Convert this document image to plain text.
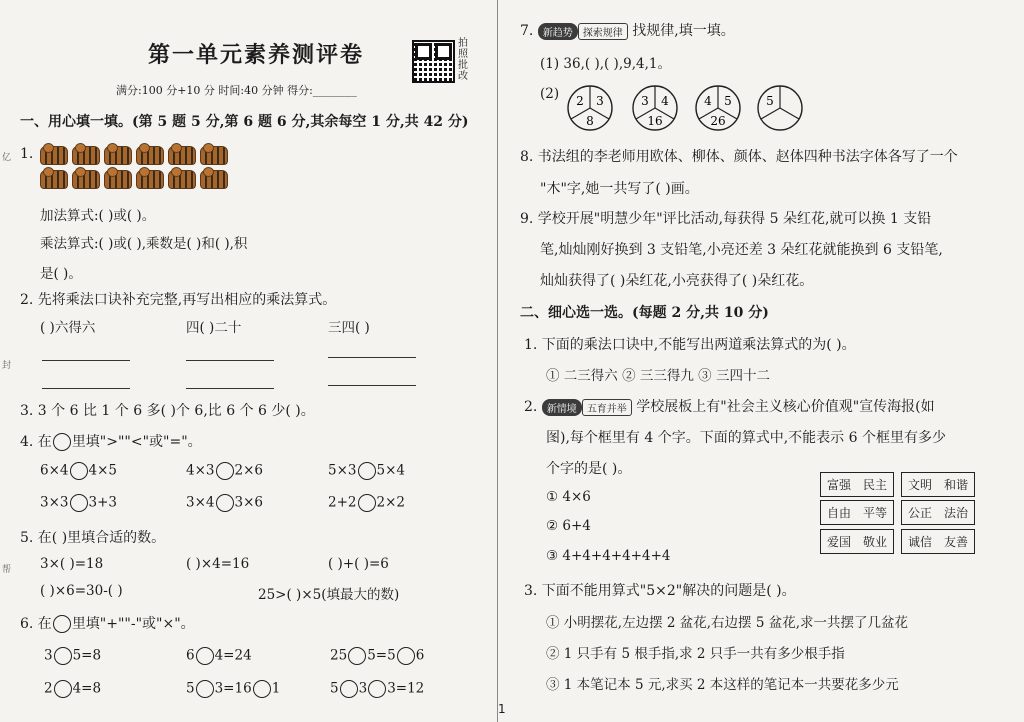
亿
封
帮
第一单元素养测评卷	拍照批改
满分:100 分+10 分 时间:40 分钟 得分:________
一、用心填一填。(第 5 题 5 分,第 6 题 6 分,其余每空 1 分,共 42 分)
1.
加法算式:( )或( )。
乘法算式:( )或( ),乘数是( )和( ),积
是( )。
2. 先将乘法口诀补充完整,再写出相应的乘法算式。
( )六得六	四( )二十	三四( )
3. 3 个 6 比 1 个 6 多( )个 6,比 6 个 6 少( )。
4. 在 里填">""<"或"="。
6×4 4×5	4×3 2×6	5×3 5×4
3×3 3+3	3×4 3×6	2+2 2×2
5. 在( )里填合适的数。
3×( )=18	( )×4=16	( )+( )=6
( )×6=30-( )	25>( )×5(填最大的数)
6. 在 里填"+""-"或"×"。
3 5=8	6 4=24	25 5=5 6
2 4=8	5 3=16 1	5 3 3=12
7. 新趋势 探索规律 找规律,填一填。
(1) 36,( ),( ),9,4,1。
(2) 2 3
8
3 4
16
4 5
26
5
8. 书法组的李老师用欧体、柳体、颜体、赵体四种书法字体各写了一个
"木"字,她一共写了( )画。
9. 学校开展"明慧少年"评比活动,每获得 5 朵红花,就可以换 1 支铅
笔,灿灿刚好换到 3 支铅笔,小亮还差 3 朵红花就能换到 6 支铅笔,
灿灿获得了( )朵红花,小亮获得了( )朵红花。
二、细心选一选。(每题 2 分,共 10 分)
1. 下面的乘法口诀中,不能写出两道乘法算式的为( )。
① 二三得六 ② 三三得九 ③ 三四十二
2. 新情境 五育并举 学校展板上有"社会主义核心价值观"宣传海报(如
图),每个框里有 4 个字。下面的算式中,不能表示 6 个框里有多少
个字的是( )。
① 4×6
② 6+4
③ 4+4+4+4+4+4
富强 民主 文明 和谐
自由 平等 公正 法治
爱国 敬业 诚信 友善
3. 下面不能用算式"5×2"解决的问题是( )。
① 小明摆花,左边摆 2 盆花,右边摆 5 盆花,求一共摆了几盆花
② 1 只手有 5 根手指,求 2 只手一共有多少根手指
③ 1 本笔记本 5 元,求买 2 本这样的笔记本一共要花多少元
1
